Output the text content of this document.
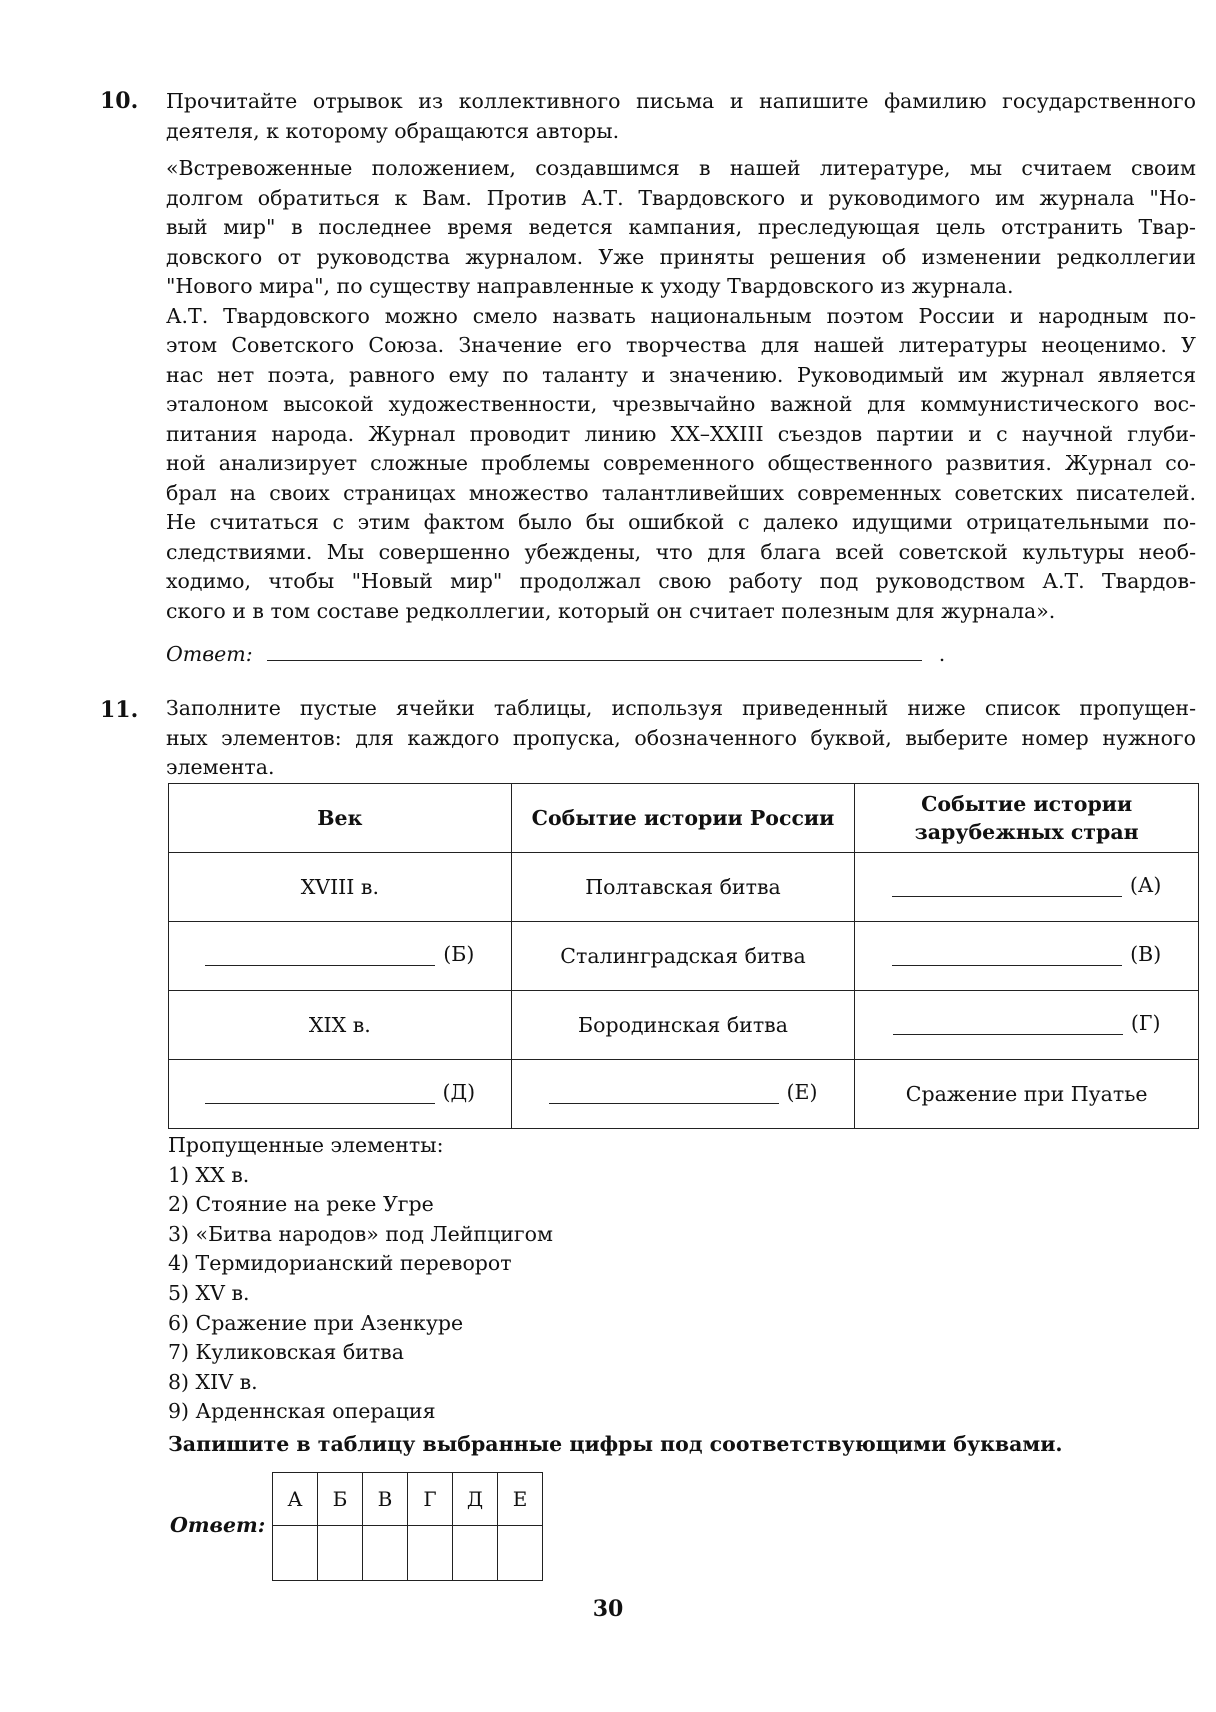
10. Прочитайте отрывок из коллективного письма и напишите фамилию государственного
деятеля, к которому обращаются авторы.
«Встревоженные положением, создавшимся в нашей литературе, мы считаем своим
долгом обратиться к Вам. Против А.Т. Твардовского и руководимого им журнала "Но-
вый мир" в последнее время ведется кампания, преследующая цель отстранить Твар-
довского от руководства журналом. Уже приняты решения об изменении редколлегии
"Нового мира", по существу направленные к уходу Твардовского из журнала.
А.Т. Твардовского можно смело назвать национальным поэтом России и народным по-
этом Советского Союза. Значение его творчества для нашей литературы неоценимо. У
нас нет поэта, равного ему по таланту и значению. Руководимый им журнал является
эталоном высокой художественности, чрезвычайно важной для коммунистического вос-
питания народа. Журнал проводит линию XX–XXIII съездов партии и с научной глуби-
ной анализирует сложные проблемы современного общественного развития. Журнал со-
брал на своих страницах множество талантливейших современных советских писателей.
Не считаться с этим фактом было бы ошибкой с далеко идущими отрицательными по-
следствиями. Мы совершенно убеждены, что для блага всей советской культуры необ-
ходимо, чтобы "Новый мир" продолжал свою работу под руководством А.Т. Твардов-
ского и в том составе редколлегии, который он считает полезным для журнала».
Ответ:	.
11. Заполните пустые ячейки таблицы, используя приведенный ниже список пропущен-
ных элементов: для каждого пропуска, обозначенного буквой, выберите номер нужного
элемента.
Век	Событие истории России	Событие истории
зарубежных стран

XVIII в.	Полтавская битва	(А)

(Б)	Сталинградская битва	(В)

XIX в.	Бородинская битва	(Г)

(Д)	(Е)	Сражение при Пуатье
Пропущенные элементы:
1) XX в.
2) Стояние на реке Угре
3) «Битва народов» под Лейпцигом
4) Термидорианский переворот
5) XV в.
6) Сражение при Азенкуре
7) Куликовская битва
8) XIV в.
9) Арденнская операция
Запишите в таблицу выбранные цифры под соответствующими буквами.
Ответ:
А	Б	В	Г	Д	Е

30
